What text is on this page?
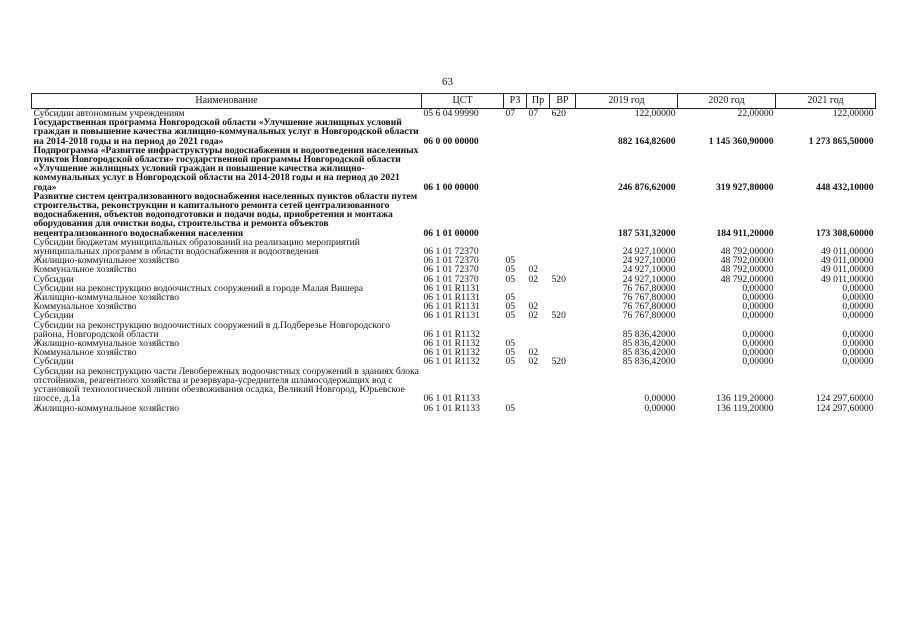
63
Наименование	ЦСТ	РЗ	Пр	ВР	2019 год	2020 год	2021 год
Субсидии автономным учреждениям	05 6 04 99990	07	07	620	122,00000	22,00000	122,00000
Государственная программа Новгородской области «Улучшение жилищных условий граждан и повышение качества жилищно-коммунальных услуг в Новгородской области на 2014-2018 годы и на период до 2021 года»	06 0 00 00000				882 164,82600	1 145 360,90000	1 273 865,50000
Подпрограмма «Развитие инфраструктуры водоснабжения и водоотведения населенных пунктов Новгородской области» государственной программы Новгородской области «Улучшение жилищных условий граждан и повышение качества жилищно-коммунальных услуг в Новгородской области на 2014-2018 годы и на период до 2021 года»	06 1 00 00000				246 876,62000	319 927,80000	448 432,10000
Развитие систем централизованного водоснабжения населенных пунктов области путем строительства, реконструкции и капитального ремонта сетей централизованного водоснабжения, объектов водоподготовки и подачи воды, приобретения и монтажа оборудования для очистки воды, строительства и ремонта объектов нецентрализованного водоснабжения населения	06 1 01 00000				187 531,32000	184 911,20000	173 308,60000
Субсидии бюджетам муниципальных образований на реализацию мероприятий муниципальных программ в области водоснабжения и водоотведения	06 1 01 72370				24 927,10000	48 792,00000	49 011,00000
Жилищно-коммунальное хозяйство	06 1 01 72370	05			24 927,10000	48 792,00000	49 011,00000
Коммунальное хозяйство	06 1 01 72370	05	02		24 927,10000	48 792,00000	49 011,00000
Субсидии	06 1 01 72370	05	02	520	24 927,10000	48 792,00000	49 011,00000
Субсидии на реконструкцию водоочистных сооружений в городе Малая Вишера	06 1 01 R1131				76 767,80000	0,00000	0,00000
Жилищно-коммунальное хозяйство	06 1 01 R1131	05			76 767,80000	0,00000	0,00000
Коммунальное хозяйство	06 1 01 R1131	05	02		76 767,80000	0,00000	0,00000
Субсидии	06 1 01 R1131	05	02	520	76 767,80000	0,00000	0,00000
Субсидии на реконструкцию водоочистных сооружений в д.Подберезье Новгородского района, Новгородской области	06 1 01 R1132				85 836,42000	0,00000	0,00000
Жилищно-коммунальное хозяйство	06 1 01 R1132	05			85 836,42000	0,00000	0,00000
Коммунальное хозяйство	06 1 01 R1132	05	02		85 836,42000	0,00000	0,00000
Субсидии	06 1 01 R1132	05	02	520	85 836,42000	0,00000	0,00000
Субсидии на реконструкцию части Левобережных водоочистных сооружений в зданиях блока отстойников, реагентного хозяйства и резервуара-усреднителя шламосодержащих вод с установкой технологической линии обезвоживания осадка, Великий Новгород, Юрьевское шоссе, д.1а	06 1 01 R1133				0,00000	136 119,20000	124 297,60000
Жилищно-коммунальное хозяйство	06 1 01 R1133	05			0,00000	136 119,20000	124 297,60000
